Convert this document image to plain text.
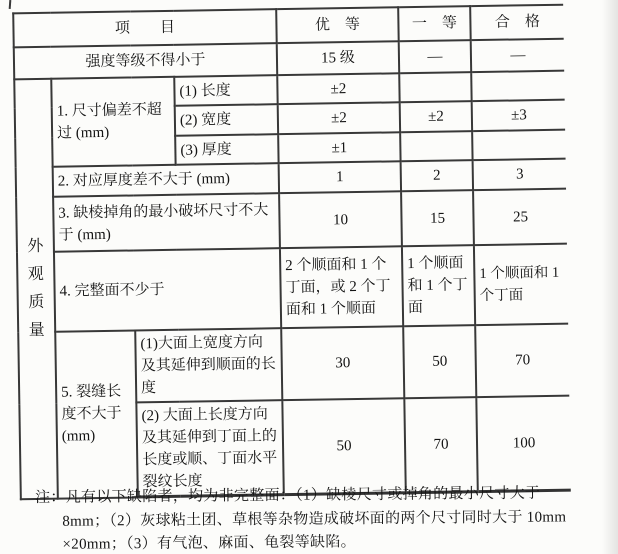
项　　目				优　等	一　等	合　格
强度等级不得小于				15 级	—	—

外观质量	1. 尺寸偏差不超过 (mm)		(1) 长度	±2		
			(2) 宽度	±2	±2	±3
			(3) 厚度	±1		
	2. 对应厚度差不大于 (mm)			1	2	3
	3. 缺棱掉角的最小破坏尺寸不大于 (mm)			10	15	25
	4. 完整面不少于			2 个顺面和 1 个丁面，或 2 个丁面和 1 个顺面	1 个顺面和 1 个丁面	1 个顺面和 1 个丁面
	5. 裂缝长度不大于 (mm)	(1)大面上宽度方向及其延伸到顺面的长度		30	50	70
		(2) 大面上长度方向及其延伸到丁面上的长度或顺、丁面水平裂纹长度		50	70	100
注：凡有以下缺陷者，均为非完整面：（1）缺棱尺寸或掉角的最小尺寸大于
8mm；（2）灰球粘土团、草根等杂物造成破坏面的两个尺寸同时大于 10mm
×20mm；（3）有气泡、麻面、龟裂等缺陷。
